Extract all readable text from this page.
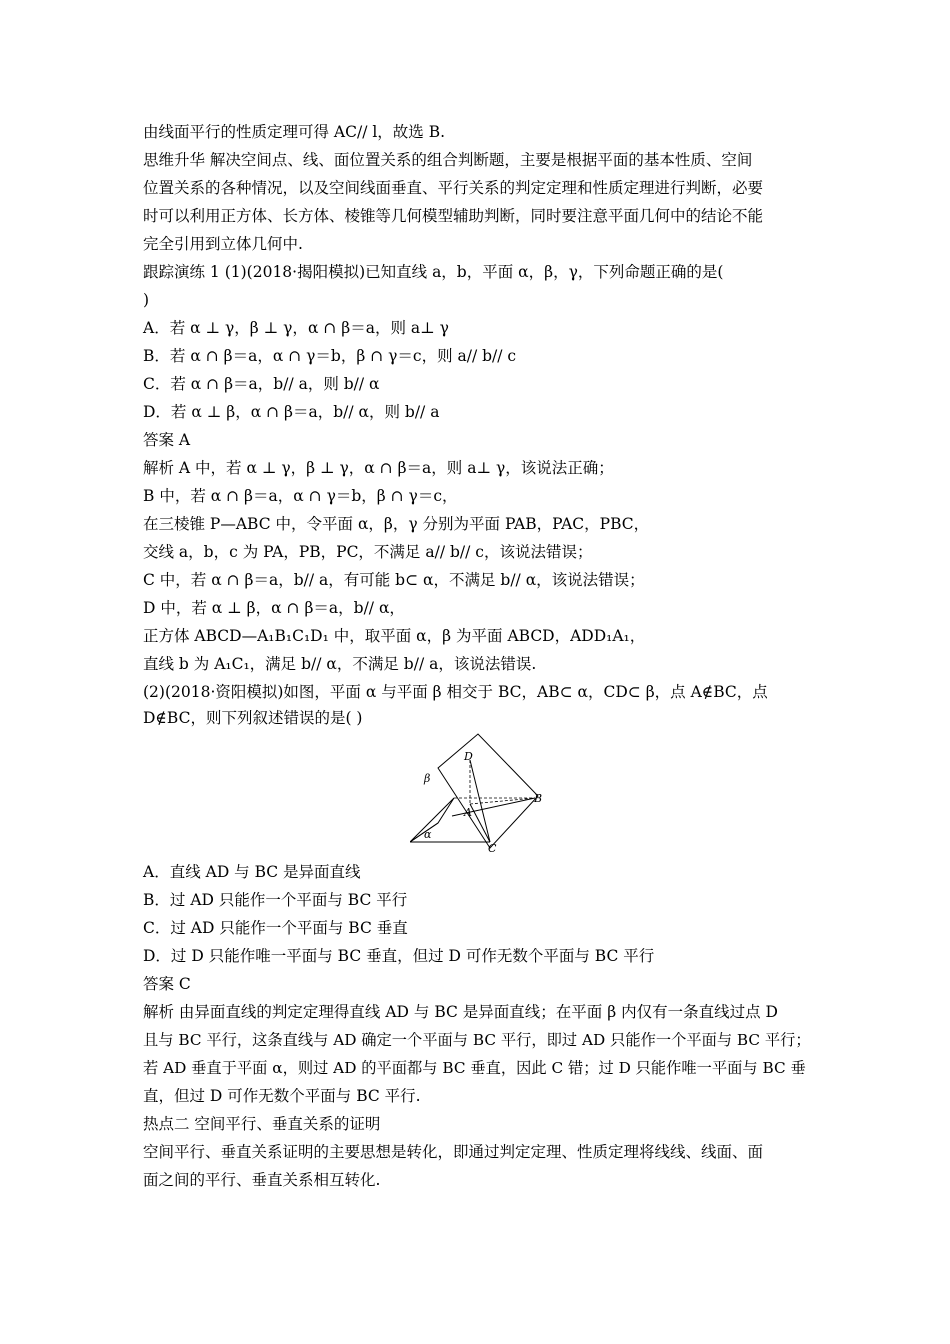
由线面平行的性质定理可得 AC// l，故选 B.
思维升华 解决空间点、线、面位置关系的组合判断题，主要是根据平面的基本性质、空间
位置关系的各种情况，以及空间线面垂直、平行关系的判定定理和性质定理进行判断，必要
时可以利用正方体、长方体、棱锥等几何模型辅助判断，同时要注意平面几何中的结论不能
完全引用到立体几何中.
跟踪演练 1 (1)(2018·揭阳模拟)已知直线 a，b，平面 α，β，γ，下列命题正确的是(
)
A．若 α ⊥ γ，β ⊥ γ，α ∩ β＝a，则 a⊥ γ
B．若 α ∩ β＝a，α ∩ γ＝b，β ∩ γ＝c，则 a// b// c
C．若 α ∩ β＝a，b// a，则 b// α
D．若 α ⊥ β，α ∩ β＝a，b// α，则 b// a
答案 A
解析 A 中，若 α ⊥ γ，β ⊥ γ，α ∩ β＝a，则 a⊥ γ，该说法正确；
B 中，若 α ∩ β＝a，α ∩ γ＝b，β ∩ γ＝c，
在三棱锥 P—ABC 中，令平面 α，β，γ 分别为平面 PAB，PAC，PBC，
交线 a，b，c 为 PA，PB，PC，不满足 a// b// c，该说法错误；
C 中，若 α ∩ β＝a，b// a，有可能 b⊂ α，不满足 b// α，该说法错误；
D 中，若 α ⊥ β，α ∩ β＝a，b// α，
正方体 ABCD—A₁B₁C₁D₁ 中，取平面 α，β 为平面 ABCD，ADD₁A₁，
直线 b 为 A₁C₁，满足 b// α，不满足 b// a，该说法错误.
(2)(2018·资阳模拟)如图，平面 α 与平面 β 相交于 BC，AB⊂ α，CD⊂ β，点 A∉BC，点
D∉BC，则下列叙述错误的是( )
β
α
D
A
B
C
A．直线 AD 与 BC 是异面直线
B．过 AD 只能作一个平面与 BC 平行
C．过 AD 只能作一个平面与 BC 垂直
D．过 D 只能作唯一平面与 BC 垂直，但过 D 可作无数个平面与 BC 平行
答案 C
解析 由异面直线的判定定理得直线 AD 与 BC 是异面直线；在平面 β 内仅有一条直线过点 D
且与 BC 平行，这条直线与 AD 确定一个平面与 BC 平行，即过 AD 只能作一个平面与 BC 平行；
若 AD 垂直于平面 α，则过 AD 的平面都与 BC 垂直，因此 C 错；过 D 只能作唯一平面与 BC 垂
直，但过 D 可作无数个平面与 BC 平行.
热点二 空间平行、垂直关系的证明
空间平行、垂直关系证明的主要思想是转化，即通过判定定理、性质定理将线线、线面、面
面之间的平行、垂直关系相互转化.
